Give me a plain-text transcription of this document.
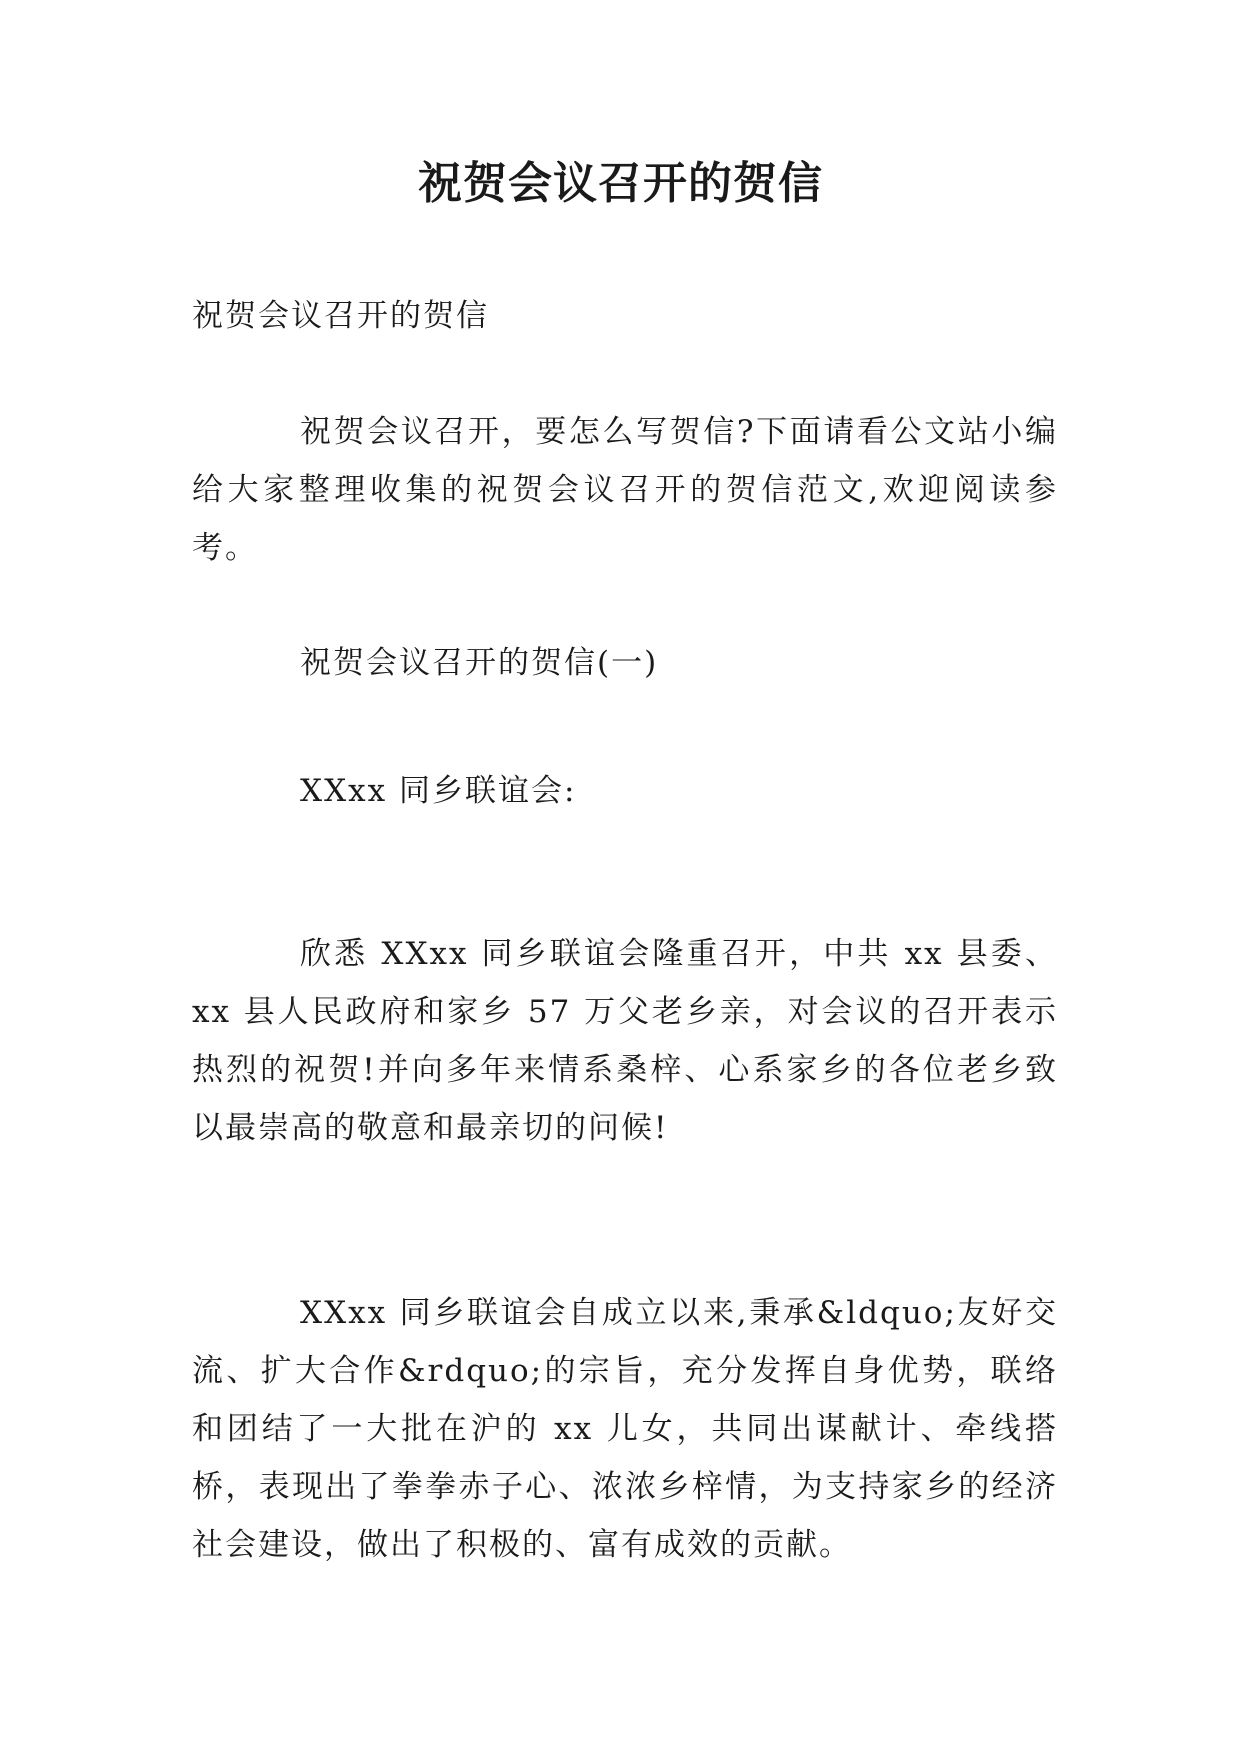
祝贺会议召开的贺信
祝贺会议召开的贺信

祝贺会议召开，要怎么写贺信?下面请看公文站小编给大家整理收集的祝贺会议召开的贺信范文,欢迎阅读参考。

祝贺会议召开的贺信(一)
XXxx 同乡联谊会:

欣悉 XXxx 同乡联谊会隆重召开，中共 xx 县委、xx 县人民政府和家乡 57 万父老乡亲，对会议的召开表示热烈的祝贺!并向多年来情系桑梓、心系家乡的各位老乡致以最崇高的敬意和最亲切的问候!

XXxx 同乡联谊会自成立以来,秉承&ldquo;友好交流、扩大合作&rdquo;的宗旨，充分发挥自身优势，联络和团结了一大批在沪的 xx 儿女，共同出谋献计、牵线搭桥，表现出了拳拳赤子心、浓浓乡梓情，为支持家乡的经济社会建设，做出了积极的、富有成效的贡献。
